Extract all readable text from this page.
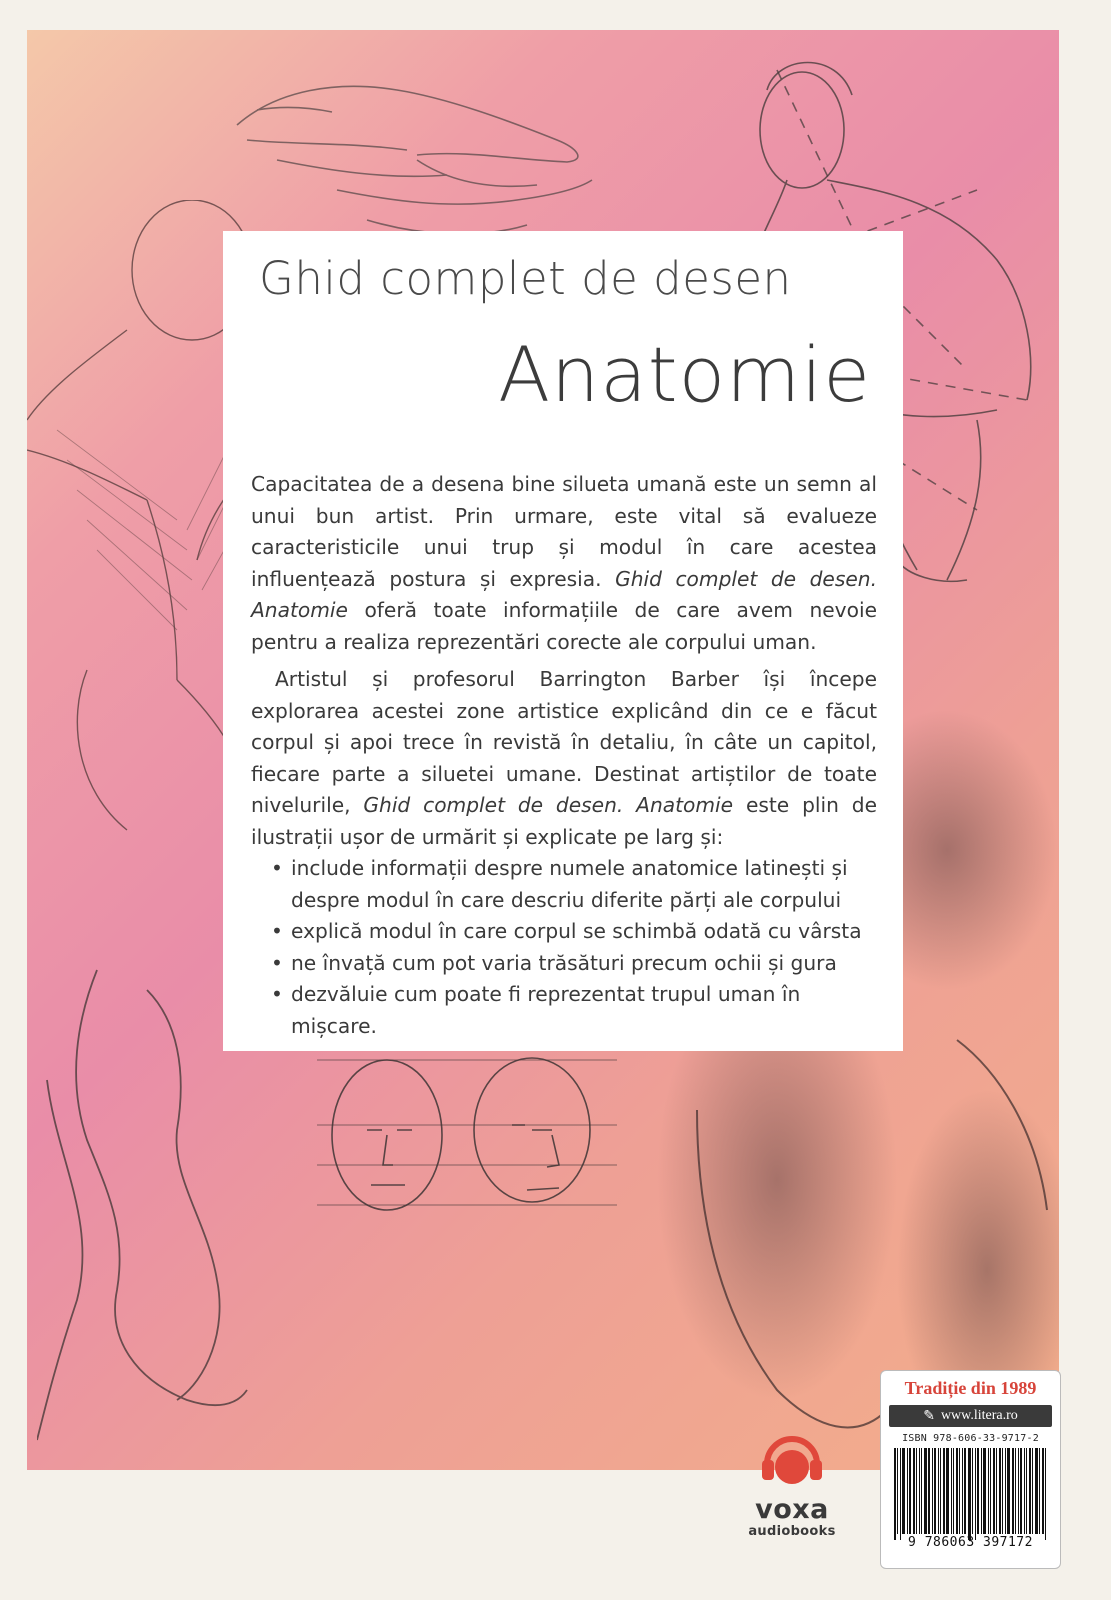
Ghid complet de desen
Anatomie

Capacitatea de a desena bine silueta umană este un semn al unui bun artist. Prin urmare, este vital să evalueze caracteristicile unui trup și modul în care acestea influențează postura și expresia. Ghid complet de desen. Anatomie oferă toate informațiile de care avem nevoie pentru a realiza reprezentări corecte ale corpului uman.

Artistul și profesorul Barrington Barber își începe explorarea acestei zone artistice explicând din ce e făcut corpul și apoi trece în revistă în detaliu, în câte un capitol, fiecare parte a siluetei umane. Destinat artiștilor de toate nivelurile, Ghid complet de desen. Anatomie este plin de ilustrații ușor de urmărit și explicate pe larg și:

• include informații despre numele anatomice latinești și despre modul în care descriu diferite părți ale corpului
• explică modul în care corpul se schimbă odată cu vârsta
• ne învață cum pot varia trăsături precum ochii și gura
• dezvăluie cum poate fi reprezentat trupul uman în mișcare.
voxa
audiobooks
Tradiție din 1989
✎ www.litera.ro
ISBN 978-606-33-9717-2
9 786063 397172
